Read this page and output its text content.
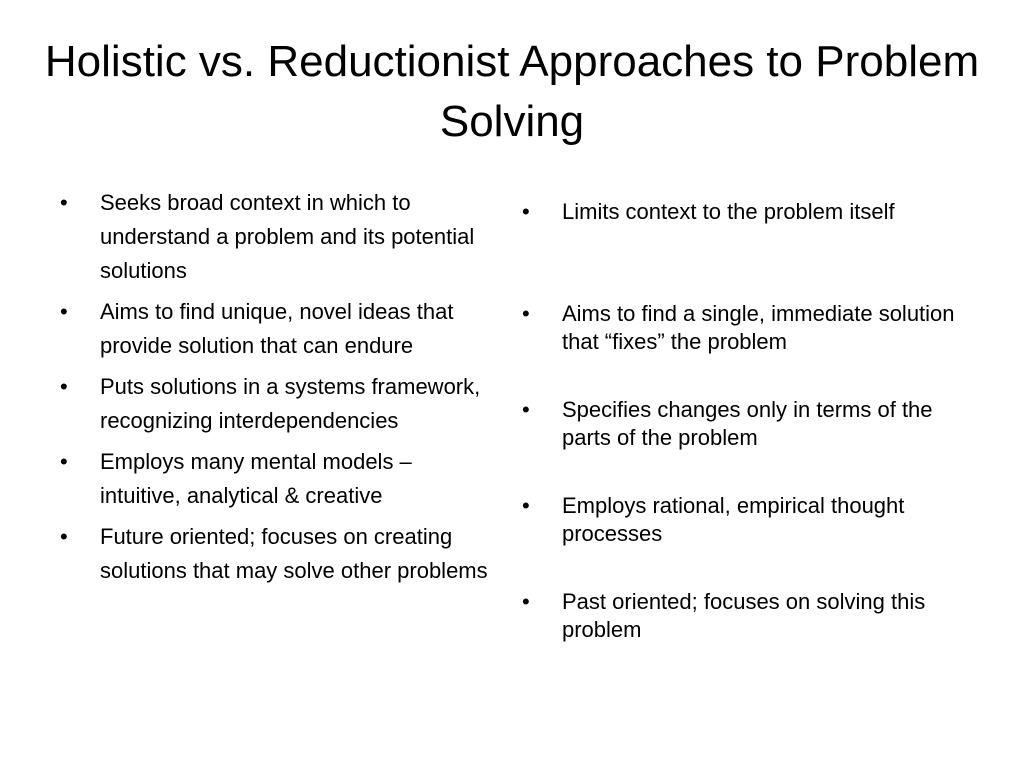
Holistic vs. Reductionist Approaches to Problem Solving
•	Seeks broad context in which to understand a problem and its potential solutions
•	Aims to find unique, novel ideas that provide solution that can endure
•	Puts solutions in a systems framework, recognizing interdependencies
•	Employs many mental models – intuitive, analytical & creative
•	Future oriented; focuses on creating solutions that may solve other problems
•	Limits context to the problem itself
•	Aims to find a single, immediate solution that “fixes” the problem
•	Specifies changes only in terms of the parts of the problem
•	Employs rational, empirical thought processes
•	Past oriented; focuses on solving this problem
